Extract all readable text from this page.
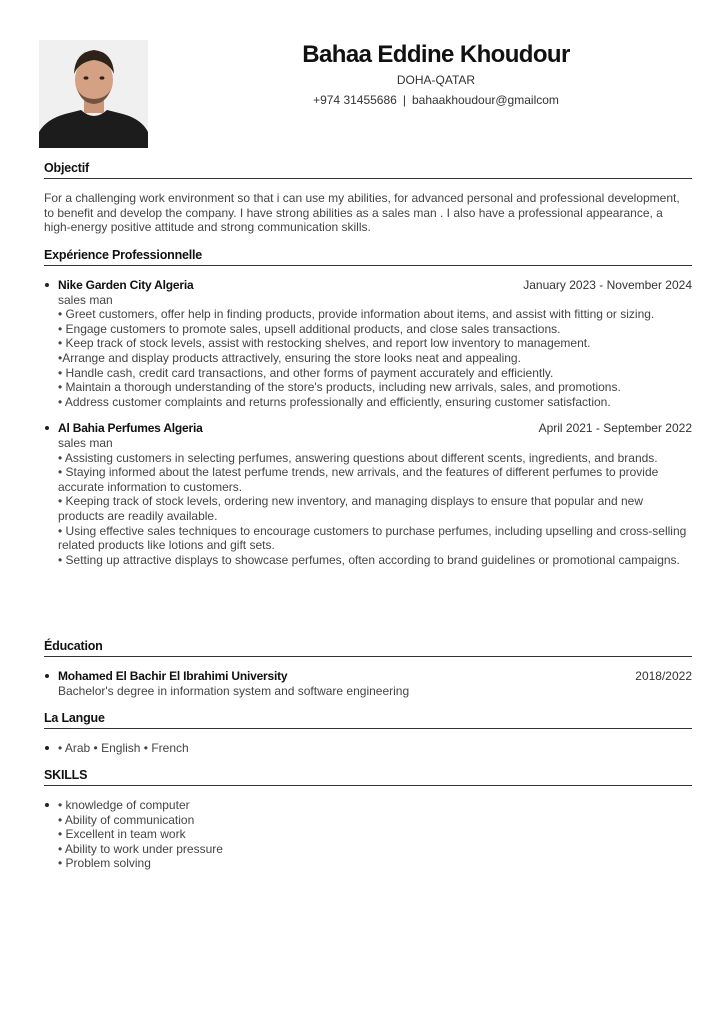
Bahaa Eddine Khoudour
DOHA-QATAR
+974 31455686 | bahaakhoudour@gmailcom
Objectif

For a challenging work environment so that i can use my abilities, for advanced personal and professional development, to benefit and develop the company. I have strong abilities as a sales man . I also have a professional appearance, a high-energy positive attitude and strong communication skills.

Expérience Professionnelle
Nike Garden City Algeria	January 2023 - November 2024
sales man
• Greet customers, offer help in finding products, provide information about items, and assist with fitting or sizing.
• Engage customers to promote sales, upsell additional products, and close sales transactions.
• Keep track of stock levels, assist with restocking shelves, and report low inventory to management.
•Arrange and display products attractively, ensuring the store looks neat and appealing.
• Handle cash, credit card transactions, and other forms of payment accurately and efficiently.
• Maintain a thorough understanding of the store's products, including new arrivals, sales, and promotions.
• Address customer complaints and returns professionally and efficiently, ensuring customer satisfaction.
Al Bahia Perfumes Algeria	April 2021 - September 2022
sales man
• Assisting customers in selecting perfumes, answering questions about different scents, ingredients, and brands.
• Staying informed about the latest perfume trends, new arrivals, and the features of different perfumes to provide accurate information to customers.
• Keeping track of stock levels, ordering new inventory, and managing displays to ensure that popular and new products are readily available.
• Using effective sales techniques to encourage customers to purchase perfumes, including upselling and cross-selling related products like lotions and gift sets.
• Setting up attractive displays to showcase perfumes, often according to brand guidelines or promotional campaigns.
Éducation
Mohamed El Bachir El Ibrahimi University	2018/2022
Bachelor's degree in information system and software engineering
La Langue
• Arab • English • French
SKILLS
• knowledge of computer
• Ability of communication
• Excellent in team work
• Ability to work under pressure
• Problem solving
